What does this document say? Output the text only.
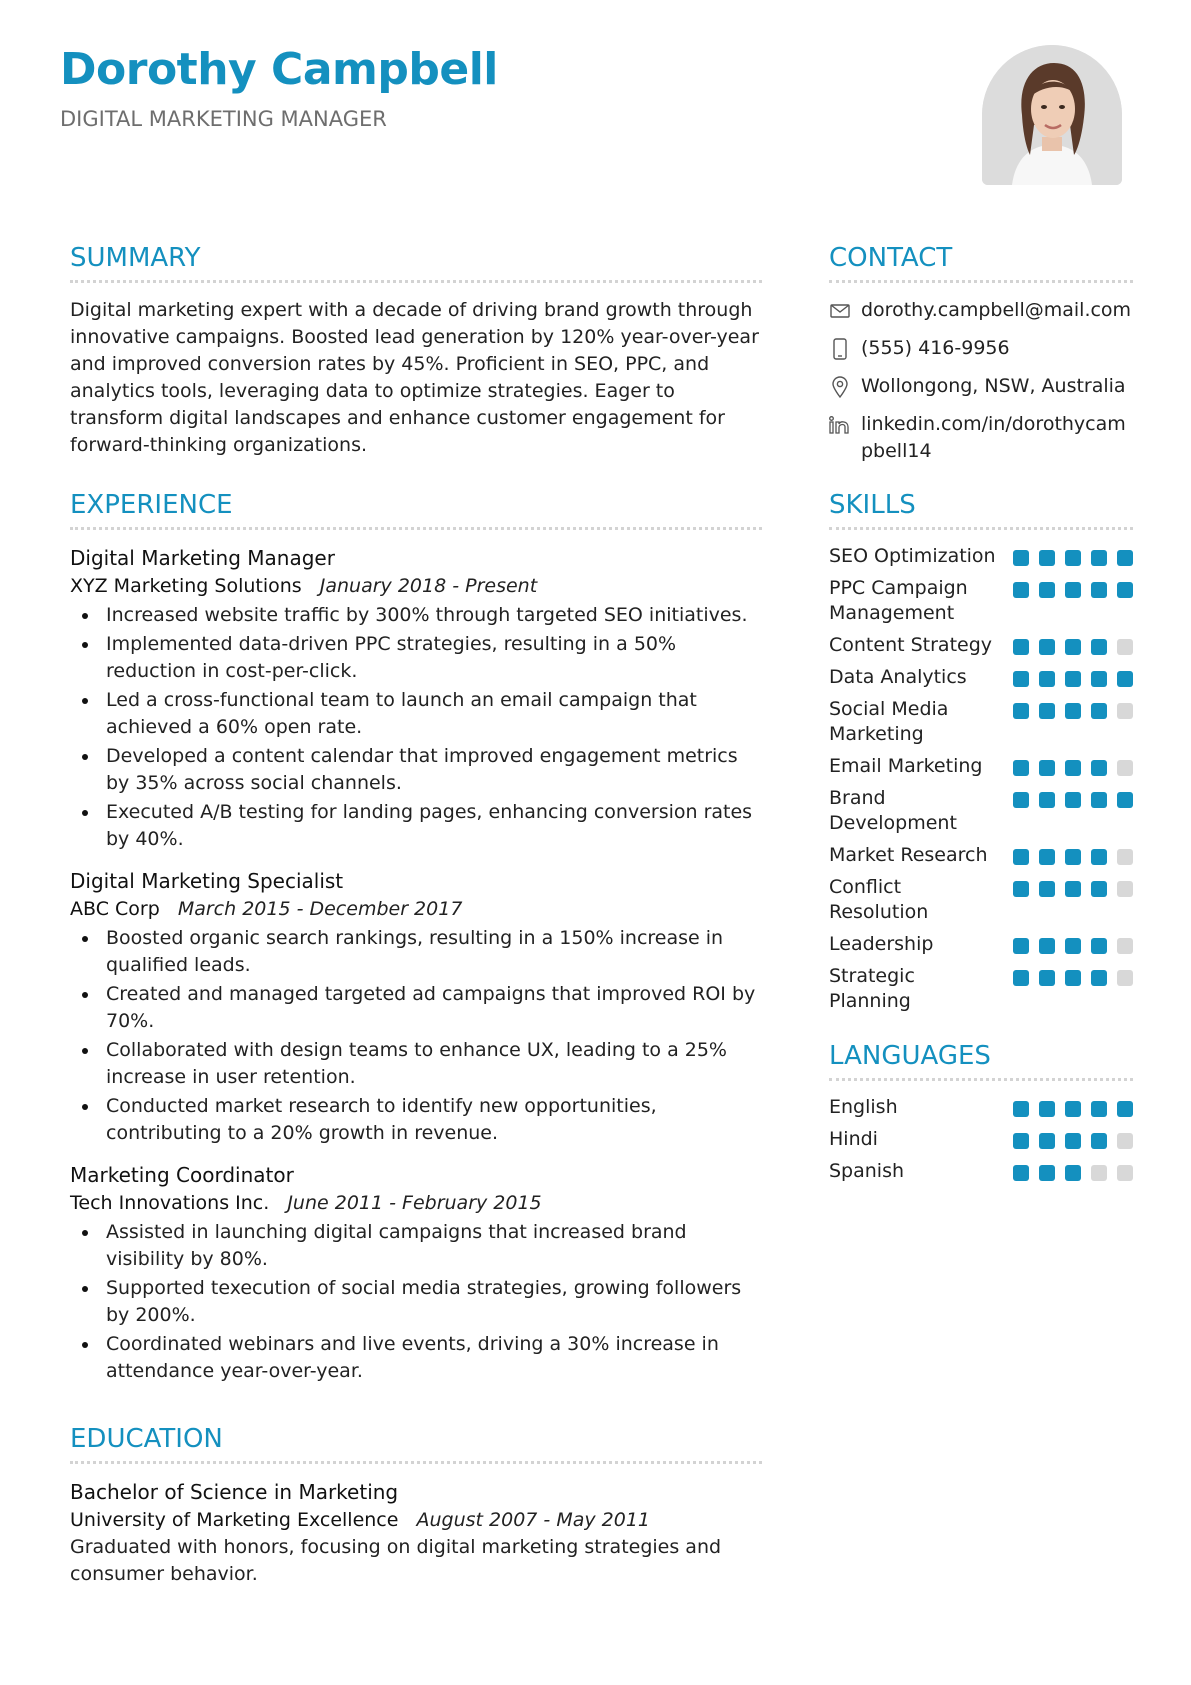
Dorothy Campbell
DIGITAL MARKETING MANAGER
SUMMARY

Digital marketing expert with a decade of driving brand growth through innovative campaigns. Boosted lead generation by 120% year-over-year and improved conversion rates by 45%. Proficient in SEO, PPC, and analytics tools, leveraging data to optimize strategies. Eager to transform digital landscapes and enhance customer engagement for forward-thinking organizations.

EXPERIENCE
Digital Marketing Manager
XYZ Marketing Solutions January 2018 - Present
Increased website traffic by 300% through targeted SEO initiatives.
Implemented data-driven PPC strategies, resulting in a 50% reduction in cost-per-click.
Led a cross-functional team to launch an email campaign that achieved a 60% open rate.
Developed a content calendar that improved engagement metrics by 35% across social channels.
Executed A/B testing for landing pages, enhancing conversion rates by 40%.
Digital Marketing Specialist
ABC Corp March 2015 - December 2017
Boosted organic search rankings, resulting in a 150% increase in qualified leads.
Created and managed targeted ad campaigns that improved ROI by 70%.
Collaborated with design teams to enhance UX, leading to a 25% increase in user retention.
Conducted market research to identify new opportunities, contributing to a 20% growth in revenue.
Marketing Coordinator
Tech Innovations Inc. June 2011 - February 2015
Assisted in launching digital campaigns that increased brand visibility by 80%.
Supported texecution of social media strategies, growing followers by 200%.
Coordinated webinars and live events, driving a 30% increase in attendance year-over-year.
EDUCATION
Bachelor of Science in Marketing
University of Marketing Excellence August 2007 - May 2011

Graduated with honors, focusing on digital marketing strategies and consumer behavior.

CONTACT
dorothy.campbell@mail.com
(555) 416-9956
Wollongong, NSW, Australia
linkedin.com/in/dorothycampbell14
SKILLS
SEO Optimization
PPC Campaign Management
Content Strategy
Data Analytics
Social Media Marketing
Email Marketing
Brand Development
Market Research
Conflict Resolution
Leadership
Strategic Planning
LANGUAGES
English
Hindi
Spanish
